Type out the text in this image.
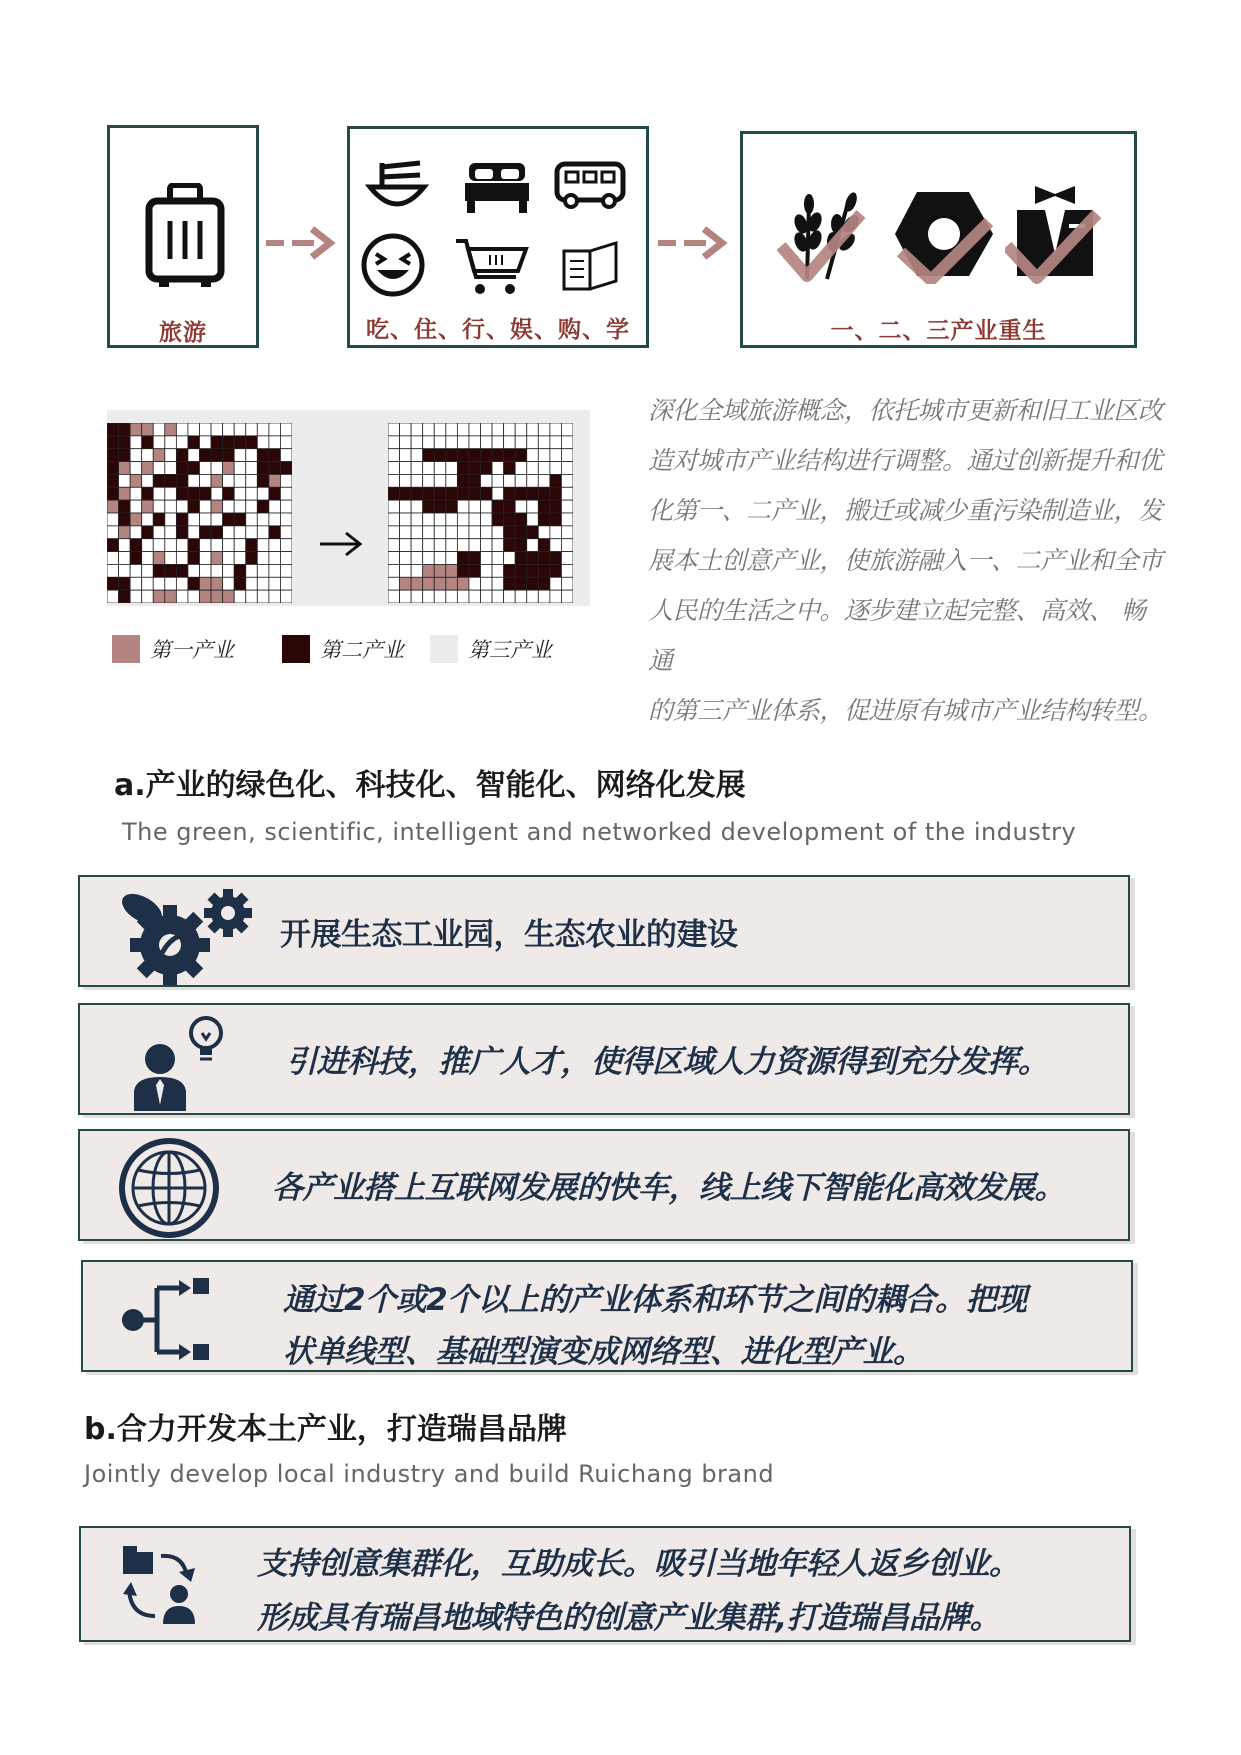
旅游	吃、住、行、娱、购、学	一、二、三产业重生
第一产业	第二产业	第三产业
深化全域旅游概念，依托城市更新和旧工业区改
造对城市产业结构进行调整。通过创新提升和优
化第一、二产业，搬迁或减少重污染制造业，发
展本土创意产业，使旅游融入一、二产业和全市
人民的生活之中。逐步建立起完整、高效、 畅通
的第三产业体系，促进原有城市产业结构转型。
a.产业的绿色化、科技化、智能化、网络化发展
The green, scientific, intelligent and networked development of the industry
开展生态工业园，生态农业的建设
引进科技，推广人才，使得区域人力资源得到充分发挥。
各产业搭上互联网发展的快车，线上线下智能化高效发展。
通过2个或2个以上的产业体系和环节之间的耦合。把现
状单线型、基础型演变成网络型、进化型产业。
b.合力开发本土产业，打造瑞昌品牌
Jointly develop local industry and build Ruichang brand
支持创意集群化，互助成长。吸引当地年轻人返乡创业。
形成具有瑞昌地域特色的创意产业集群,打造瑞昌品牌。
